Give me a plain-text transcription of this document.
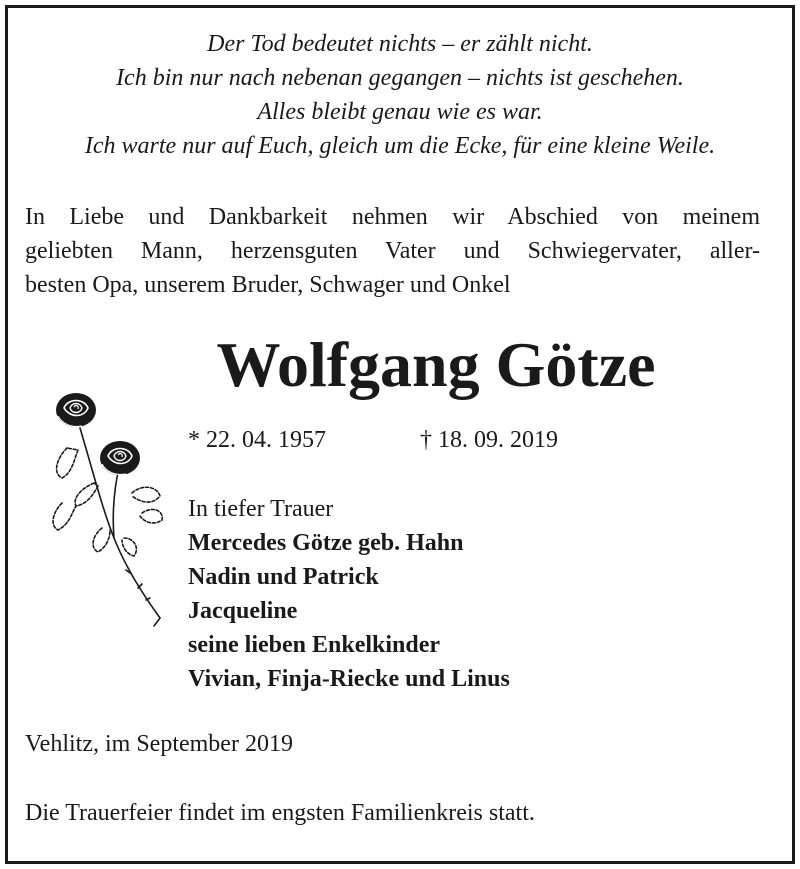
Der Tod bedeutet nichts – er zählt nicht.
Ich bin nur nach nebenan gegangen – nichts ist geschehen.
Alles bleibt genau wie es war.
Ich warte nur auf Euch, gleich um die Ecke, für eine kleine Weile.
In Liebe und Dankbarkeit nehmen wir Abschied von meinem
geliebten Mann, herzensguten Vater und Schwiegervater, aller-
besten Opa, unserem Bruder, Schwager und Onkel
Wolfgang Götze
* 22. 04. 1957	† 18. 09. 2019
In tiefer Trauer
Mercedes Götze geb. Hahn
Nadin und Patrick
Jacqueline
seine lieben Enkelkinder
Vivian, Finja-Riecke und Linus
Vehlitz, im September 2019
Die Trauerfeier findet im engsten Familienkreis statt.
